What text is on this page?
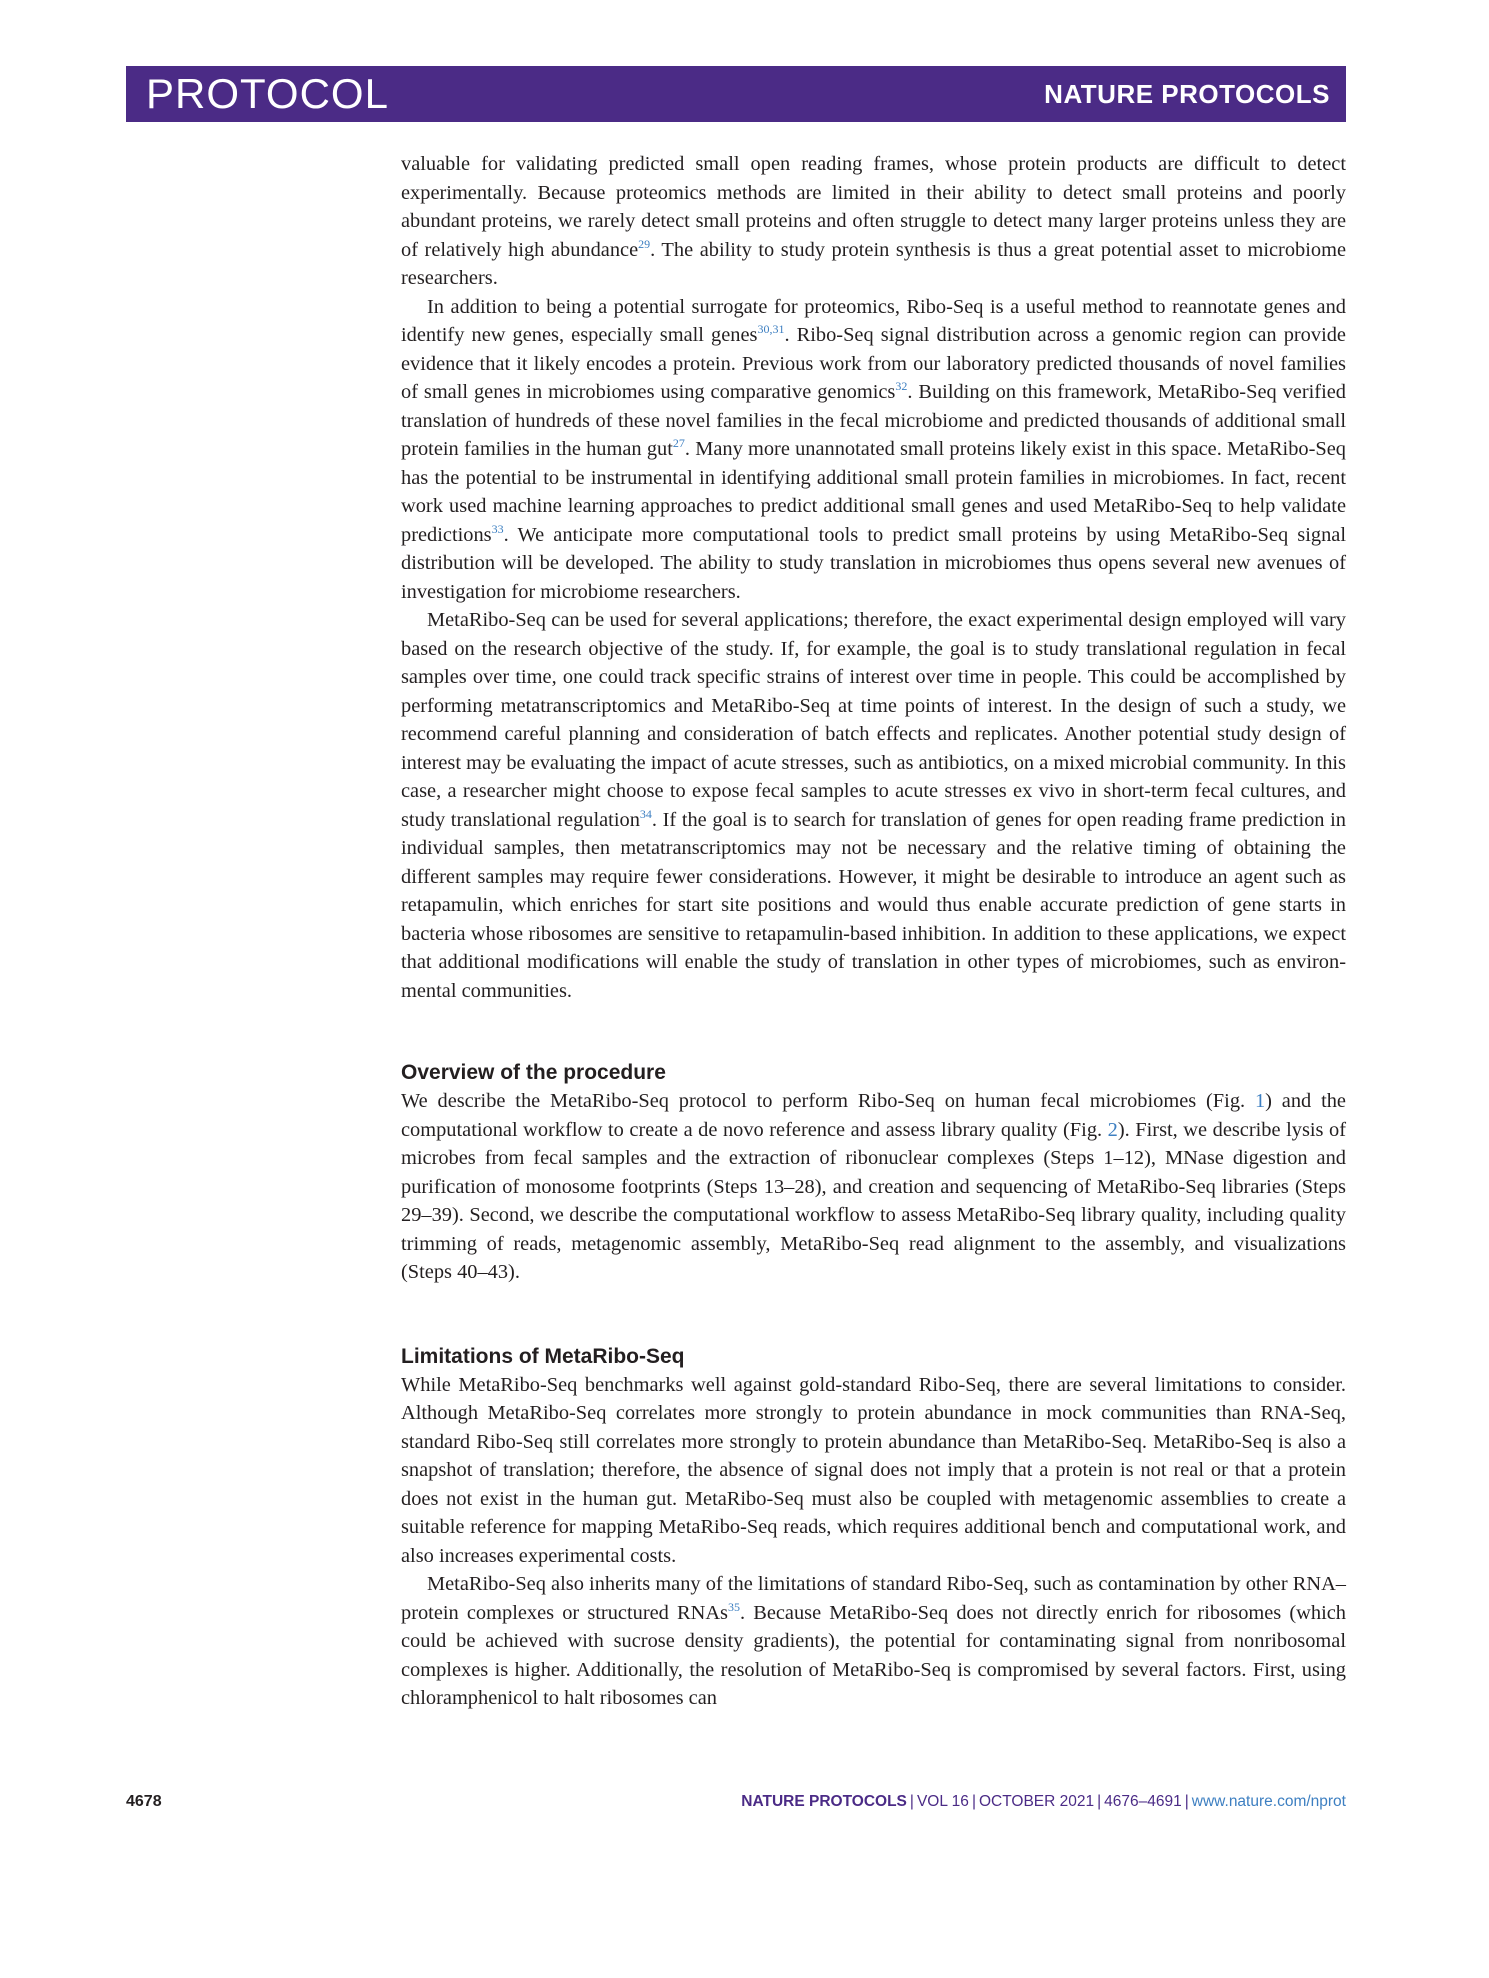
PROTOCOL	NATURE PROTOCOLS

valuable for validating predicted small open reading frames, whose protein products are difficult to detect experimentally. Because proteomics methods are limited in their ability to detect small proteins and poorly abundant proteins, we rarely detect small proteins and often struggle to detect many larger proteins unless they are of relatively high abundance$^{29}$. The ability to study protein synthesis is thus a great potential asset to microbiome researchers.

In addition to being a potential surrogate for proteomics, Ribo-Seq is a useful method to reannotate genes and identify new genes, especially small genes$^{30,31}$. Ribo-Seq signal distribution across a genomic region can provide evidence that it likely encodes a protein. Previous work from our laboratory predicted thousands of novel families of small genes in microbiomes using comparative genomics$^{32}$. Building on this framework, MetaRibo-Seq verified translation of hundreds of these novel families in the fecal microbiome and predicted thousands of additional small protein families in the human gut$^{27}$. Many more unannotated small proteins likely exist in this space. MetaRibo-Seq has the potential to be instrumental in identifying additional small protein families in microbiomes. In fact, recent work used machine learning approaches to predict additional small genes and used MetaRibo-Seq to help validate predictions$^{33}$. We anticipate more computational tools to predict small proteins by using MetaRibo-Seq signal distribution will be developed. The ability to study translation in microbiomes thus opens several new avenues of investigation for microbiome researchers.

MetaRibo-Seq can be used for several applications; therefore, the exact experimental design employed will vary based on the research objective of the study. If, for example, the goal is to study translational regulation in fecal samples over time, one could track specific strains of interest over time in people. This could be accomplished by performing metatranscriptomics and MetaRibo-Seq at time points of interest. In the design of such a study, we recommend careful planning and consideration of batch effects and replicates. Another potential study design of interest may be evaluating the impact of acute stresses, such as antibiotics, on a mixed microbial community. In this case, a researcher might choose to expose fecal samples to acute stresses ex vivo in short-term fecal cultures, and study translational regulation$^{34}$. If the goal is to search for translation of genes for open reading frame prediction in individual samples, then metatranscriptomics may not be necessary and the relative timing of obtaining the different samples may require fewer considerations. However, it might be desirable to introduce an agent such as retapamulin, which enriches for start site positions and would thus enable accurate prediction of gene starts in bacteria whose ribosomes are sensitive to retapamulin-based inhibition. In addition to these applications, we expect that additional modifications will enable the study of translation in other types of microbiomes, such as environmental communities.

Overview of the procedure

We describe the MetaRibo-Seq protocol to perform Ribo-Seq on human fecal microbiomes (Fig. 1) and the computational workflow to create a de novo reference and assess library quality (Fig. 2). First, we describe lysis of microbes from fecal samples and the extraction of ribonuclear complexes (Steps 1–12), MNase digestion and purification of monosome footprints (Steps 13–28), and creation and sequencing of MetaRibo-Seq libraries (Steps 29–39). Second, we describe the computational workflow to assess MetaRibo-Seq library quality, including quality trimming of reads, metagenomic assembly, MetaRibo-Seq read alignment to the assembly, and visualizations (Steps 40–43).

Limitations of MetaRibo-Seq

While MetaRibo-Seq benchmarks well against gold-standard Ribo-Seq, there are several limitations to consider. Although MetaRibo-Seq correlates more strongly to protein abundance in mock communities than RNA-Seq, standard Ribo-Seq still correlates more strongly to protein abundance than MetaRibo-Seq. MetaRibo-Seq is also a snapshot of translation; therefore, the absence of signal does not imply that a protein is not real or that a protein does not exist in the human gut. MetaRibo-Seq must also be coupled with metagenomic assemblies to create a suitable reference for mapping MetaRibo-Seq reads, which requires additional bench and computational work, and also increases experimental costs.

MetaRibo-Seq also inherits many of the limitations of standard Ribo-Seq, such as contamination by other RNA–protein complexes or structured RNAs$^{35}$. Because MetaRibo-Seq does not directly enrich for ribosomes (which could be achieved with sucrose density gradients), the potential for contaminating signal from nonribosomal complexes is higher. Additionally, the resolution of MetaRibo-Seq is compromised by several factors. First, using chloramphenicol to halt ribosomes can

4678	NATURE PROTOCOLS | VOL 16 | OCTOBER 2021 | 4676–4691 | www.nature.com/nprot
